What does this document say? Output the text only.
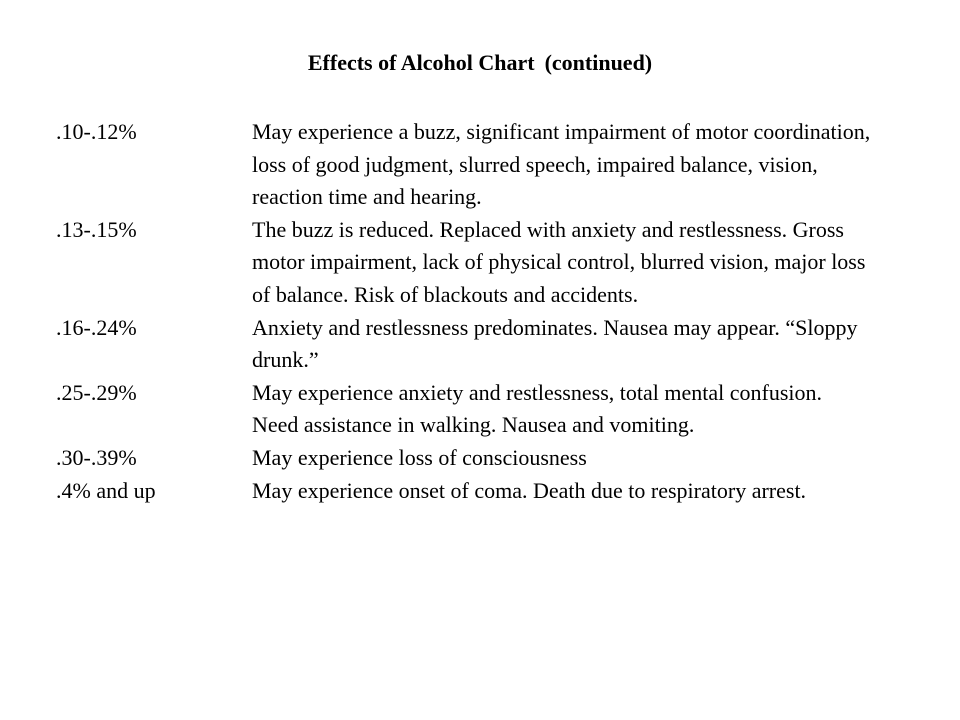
Effects of Alcohol Chart (continued)
.10-.12%	May experience a buzz, significant impairment of motor coordination, loss of good judgment, slurred speech, impaired balance, vision, reaction time and hearing.
.13-.15%	The buzz is reduced. Replaced with anxiety and restlessness. Gross motor impairment, lack of physical control, blurred vision, major loss of balance. Risk of blackouts and accidents.
.16-.24%	Anxiety and restlessness predominates. Nausea may appear. “Sloppy drunk.”
.25-.29%	May experience anxiety and restlessness, total mental confusion. Need assistance in walking. Nausea and vomiting.
.30-.39%	May experience loss of consciousness
.4% and up	May experience onset of coma. Death due to respiratory arrest.
